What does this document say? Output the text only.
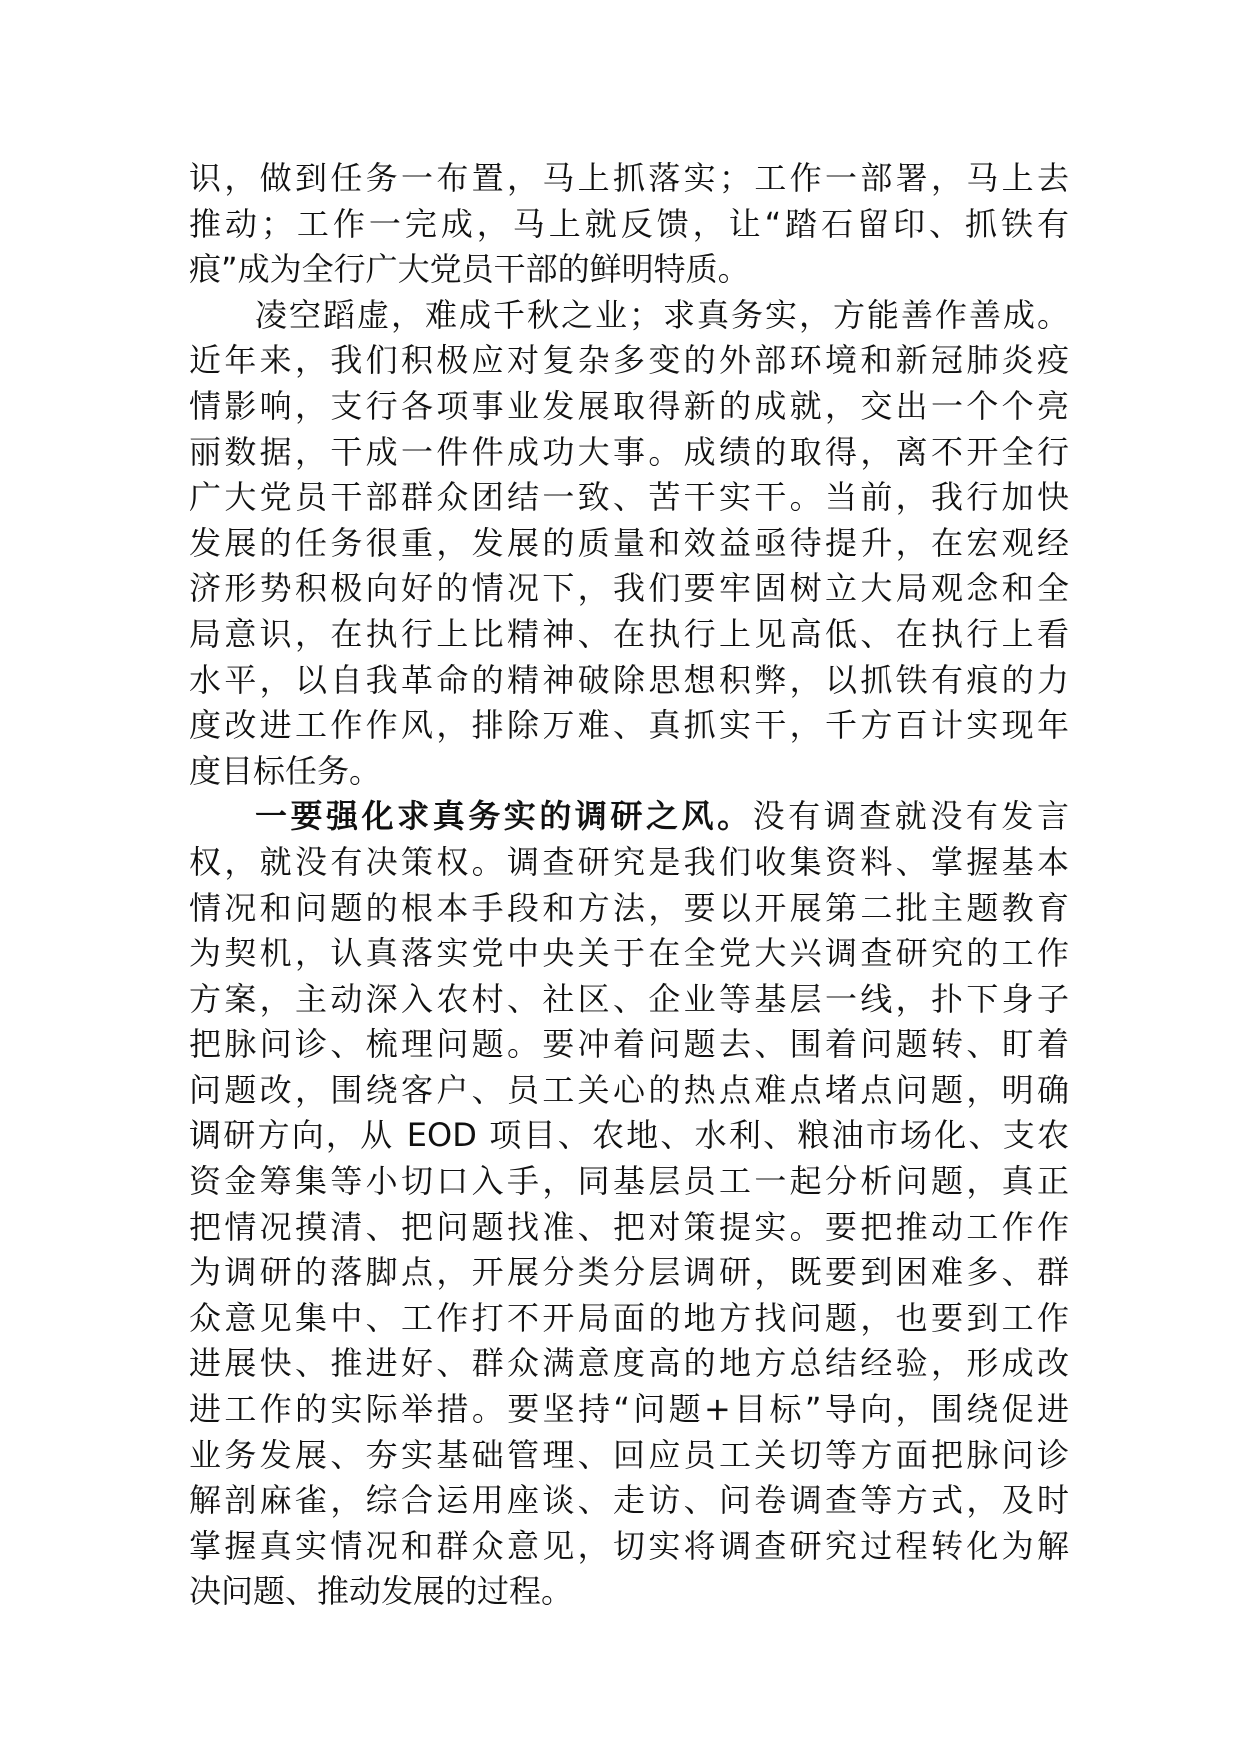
识，做到任务一布置，马上抓落实；工作一部署，马上去
推动；工作一完成，马上就反馈，让“踏石留印、抓铁有
痕”成为全行广大党员干部的鲜明特质。
凌空蹈虚，难成千秋之业；求真务实，方能善作善成。
近年来，我们积极应对复杂多变的外部环境和新冠肺炎疫
情影响，支行各项事业发展取得新的成就，交出一个个亮
丽数据，干成一件件成功大事。成绩的取得，离不开全行
广大党员干部群众团结一致、苦干实干。当前，我行加快
发展的任务很重，发展的质量和效益亟待提升，在宏观经
济形势积极向好的情况下，我们要牢固树立大局观念和全
局意识，在执行上比精神、在执行上见高低、在执行上看
水平，以自我革命的精神破除思想积弊，以抓铁有痕的力
度改进工作作风，排除万难、真抓实干，千方百计实现年
度目标任务。
一要强化求真务实的调研之风。没有调查就没有发言
权，就没有决策权。调查研究是我们收集资料、掌握基本
情况和问题的根本手段和方法，要以开展第二批主题教育
为契机，认真落实党中央关于在全党大兴调查研究的工作
方案，主动深入农村、社区、企业等基层一线，扑下身子
把脉问诊、梳理问题。要冲着问题去、围着问题转、盯着
问题改，围绕客户、员工关心的热点难点堵点问题，明确
调研方向，从 EOD 项目、农地、水利、粮油市场化、支农
资金筹集等小切口入手，同基层员工一起分析问题，真正
把情况摸清、把问题找准、把对策提实。要把推动工作作
为调研的落脚点，开展分类分层调研，既要到困难多、群
众意见集中、工作打不开局面的地方找问题，也要到工作
进展快、推进好、群众满意度高的地方总结经验，形成改
进工作的实际举措。要坚持“问题+目标”导向，围绕促进
业务发展、夯实基础管理、回应员工关切等方面把脉问诊
解剖麻雀，综合运用座谈、走访、问卷调查等方式，及时
掌握真实情况和群众意见，切实将调查研究过程转化为解
决问题、推动发展的过程。
